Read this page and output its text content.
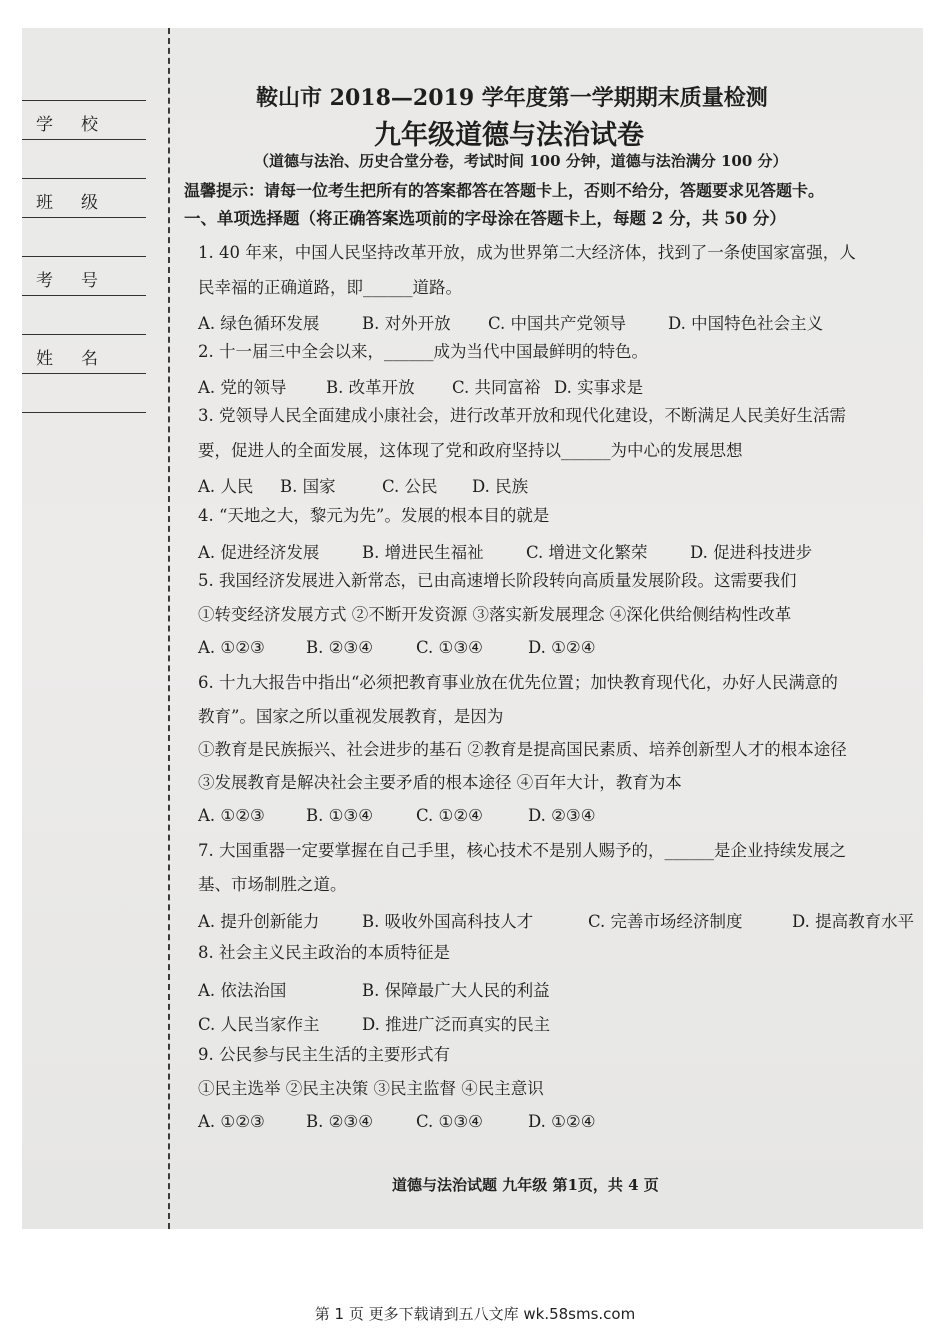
学校
班级
考号
姓名
鞍山市 2018—2019 学年度第一学期期末质量检测
九年级道德与法治试卷
（道德与法治、历史合堂分卷，考试时间 100 分钟，道德与法治满分 100 分）
温馨提示：请每一位考生把所有的答案都答在答题卡上，否则不给分，答题要求见答题卡。
一、单项选择题（将正确答案选项前的字母涂在答题卡上，每题 2 分，共 50 分）
1. 40 年来，中国人民坚持改革开放，成为世界第二大经济体，找到了一条使国家富强，人
民幸福的正确道路，即______道路。
A. 绿色循环发展	B. 对外开放 C. 中国共产党领导	D. 中国特色社会主义
2. 十一届三中全会以来，______成为当代中国最鲜明的特色。
A. 党的领导 B. 改革开放 C. 共同富裕 D. 实事求是
3. 党领导人民全面建成小康社会，进行改革开放和现代化建设，不断满足人民美好生活需
要，促进人的全面发展，这体现了党和政府坚持以______为中心的发展思想
A. 人民 B. 国家	C. 公民 D. 民族
4. “天地之大，黎元为先”。发展的根本目的就是
A. 促进经济发展	B. 增进民生福祉	C. 增进文化繁荣	D. 促进科技进步
5. 我国经济发展进入新常态，已由高速增长阶段转向高质量发展阶段。这需要我们
①转变经济发展方式 ②不断开发资源 ③落实新发展理念 ④深化供给侧结构性改革
A. ①②③ B. ②③④	C. ①③④	D. ①②④
6. 十九大报告中指出“必须把教育事业放在优先位置；加快教育现代化，办好人民满意的
教育”。国家之所以重视发展教育，是因为
①教育是民族振兴、社会进步的基石 ②教育是提高国民素质、培养创新型人才的根本途径
③发展教育是解决社会主要矛盾的根本途径 ④百年大计，教育为本
A. ①②③ B. ①③④	C. ①②④	D. ②③④
7. 大国重器一定要掌握在自己手里，核心技术不是别人赐予的，______是企业持续发展之
基、市场制胜之道。
A. 提升创新能力	B. 吸收外国高科技人才	C. 完善市场经济制度	D. 提高教育水平
8. 社会主义民主政治的本质特征是
A. 依法治国	B. 保障最广大人民的利益
C. 人民当家作主	D. 推进广泛而真实的民主
9. 公民参与民主生活的主要形式有
①民主选举 ②民主决策 ③民主监督 ④民主意识
A. ①②③ B. ②③④	C. ①③④	D. ①②④
道德与法治试题 九年级 第1页，共 4 页
第 1 页 更多下载请到五八文库 wk.58sms.com
